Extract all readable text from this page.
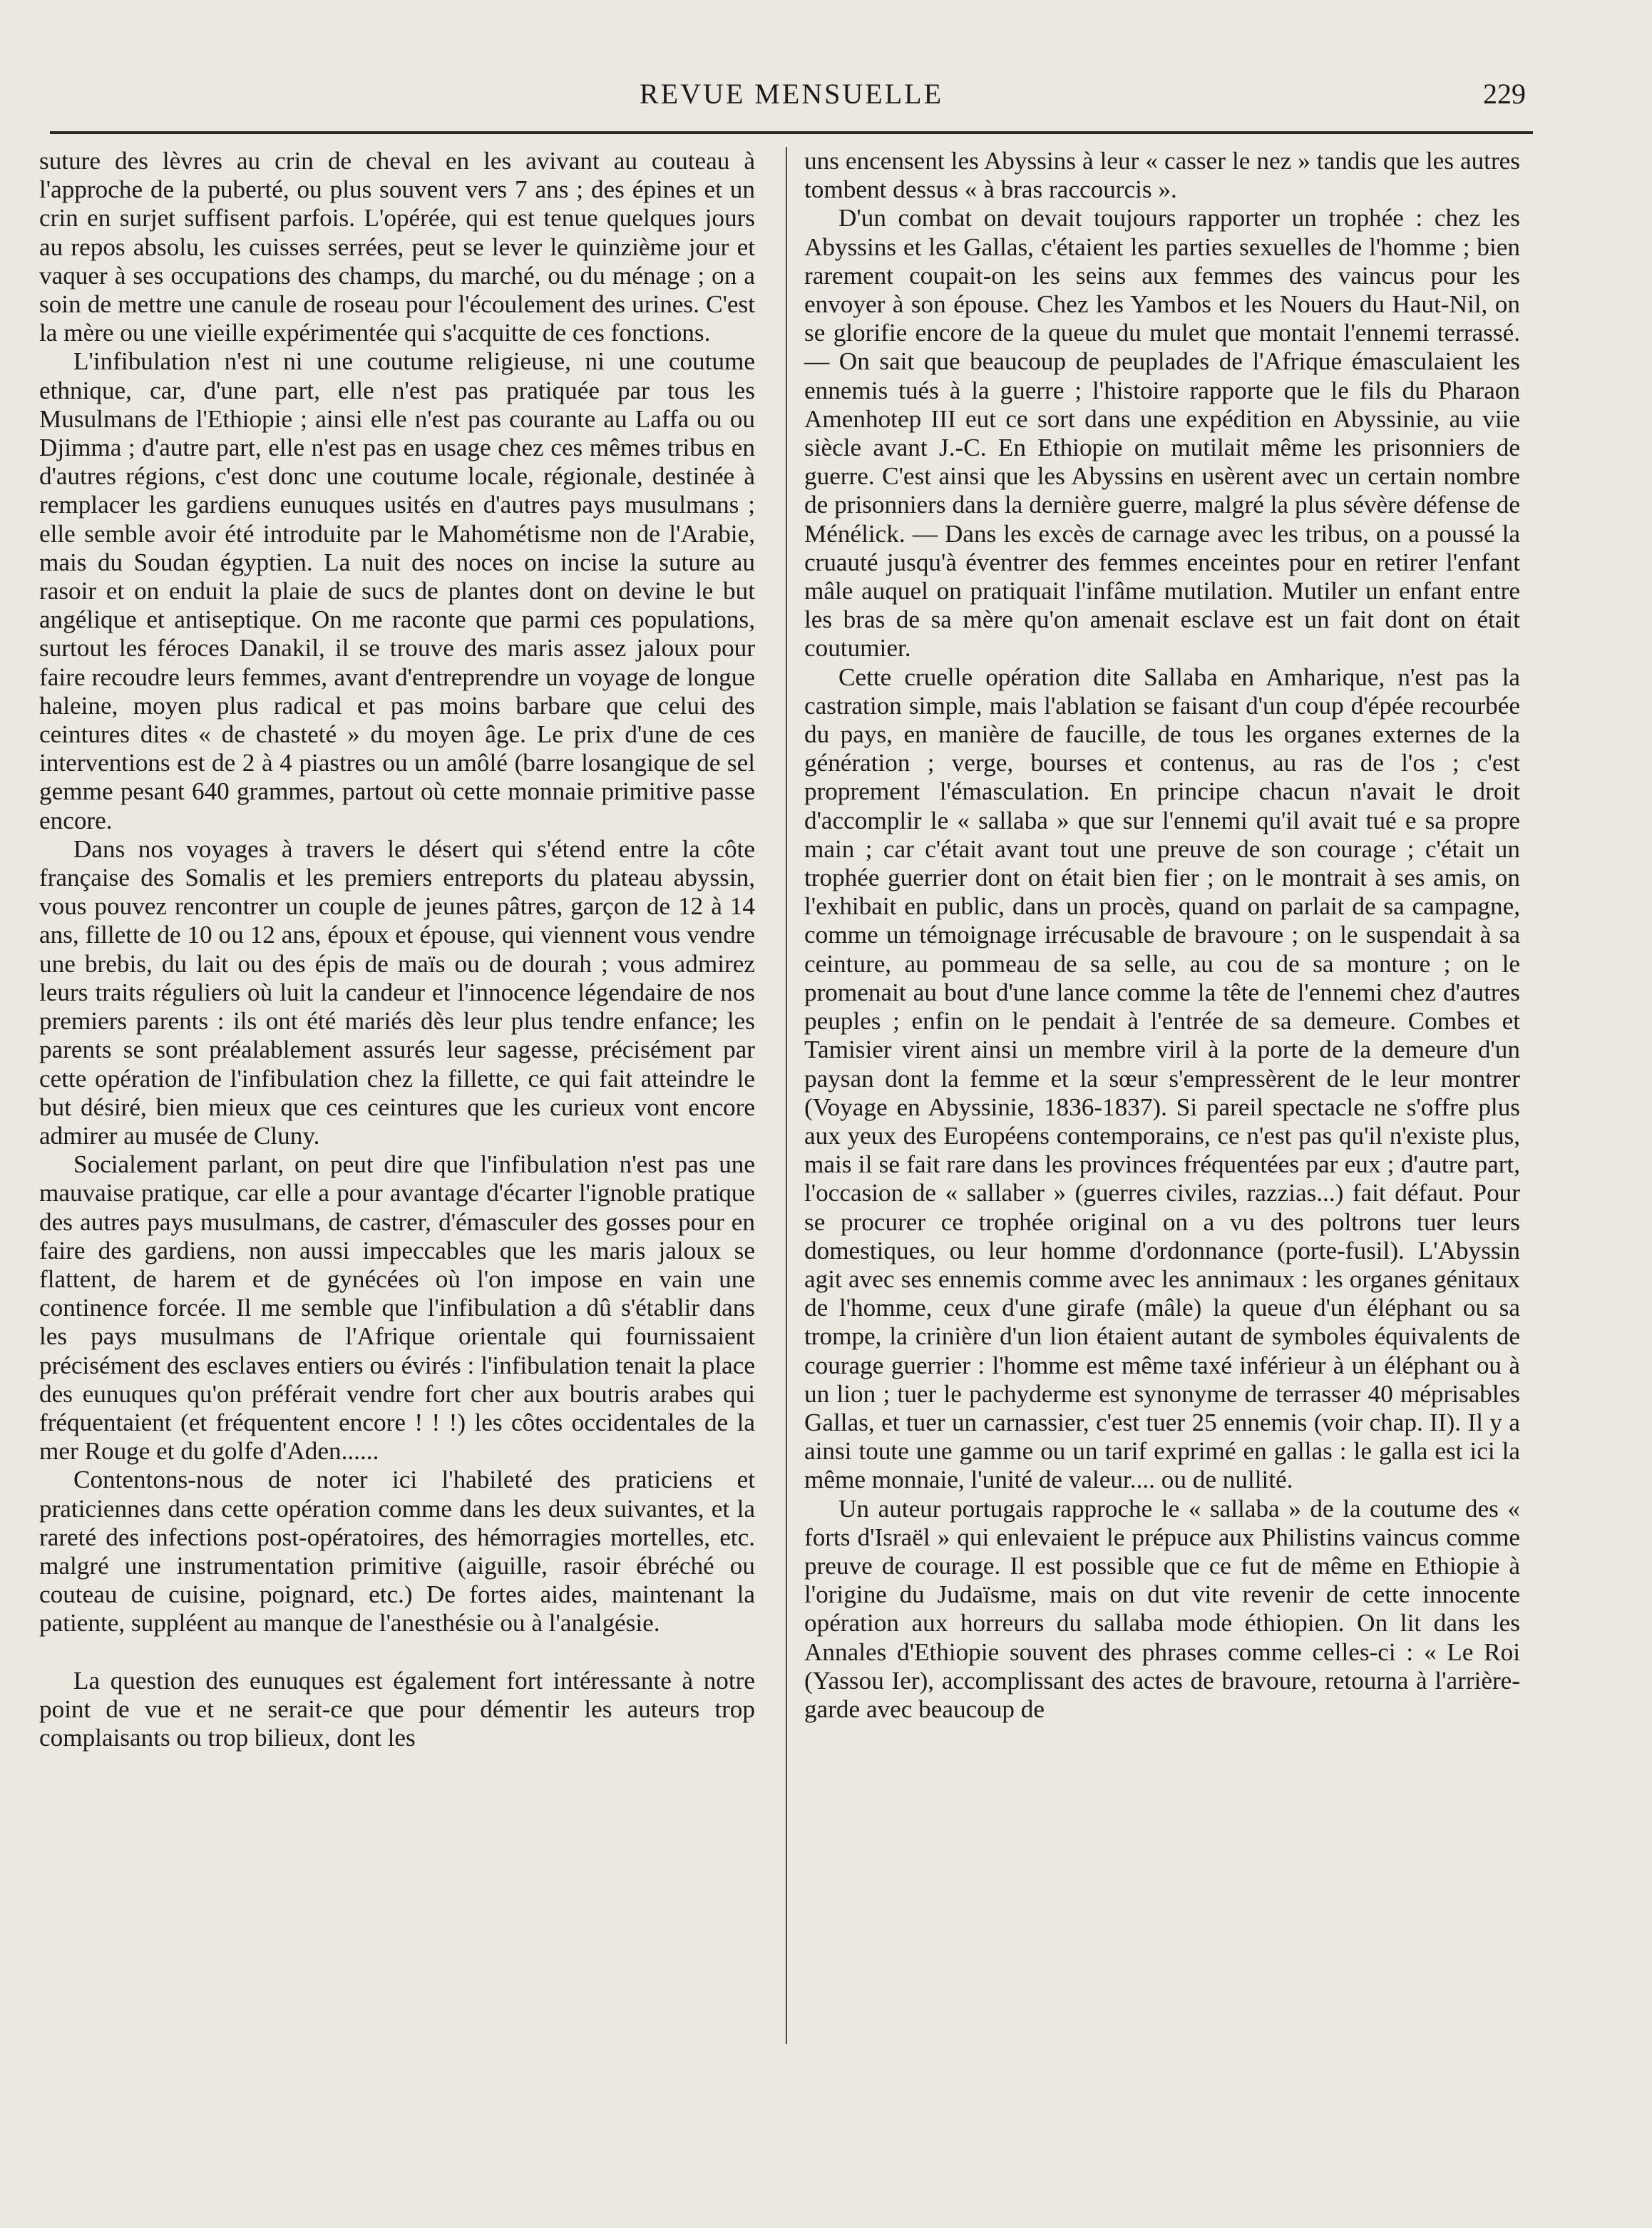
REVUE MENSUELLE	229

suture des lèvres au crin de cheval en les avivant au couteau à l'approche de la puberté, ou plus souvent vers 7 ans ; des épines et un crin en surjet suffisent parfois. L'opérée, qui est tenue quelques jours au repos absolu, les cuisses serrées, peut se lever le quinzième jour et vaquer à ses occupations des champs, du marché, ou du ménage ; on a soin de mettre une canule de roseau pour l'écoulement des urines. C'est la mère ou une vieille expérimentée qui s'acquitte de ces fonctions.

L'infibulation n'est ni une coutume religieuse, ni une coutume ethnique, car, d'une part, elle n'est pas pratiquée par tous les Musulmans de l'Ethiopie ; ainsi elle n'est pas courante au Laffa ou ou Djimma ; d'autre part, elle n'est pas en usage chez ces mêmes tribus en d'autres régions, c'est donc une coutume locale, régionale, destinée à remplacer les gardiens eunuques usités en d'autres pays musulmans ; elle semble avoir été introduite par le Mahométisme non de l'Arabie, mais du Soudan égyptien. La nuit des noces on incise la suture au rasoir et on enduit la plaie de sucs de plantes dont on devine le but angélique et antiseptique. On me raconte que parmi ces populations, surtout les féroces Danakil, il se trouve des maris assez jaloux pour faire recoudre leurs femmes, avant d'entreprendre un voyage de longue haleine, moyen plus radical et pas moins barbare que celui des ceintures dites « de chasteté » du moyen âge. Le prix d'une de ces interventions est de 2 à 4 piastres ou un amôlé (barre losangique de sel gemme pesant 640 grammes, partout où cette monnaie primitive passe encore.

Dans nos voyages à travers le désert qui s'étend entre la côte française des Somalis et les premiers entreports du plateau abyssin, vous pouvez rencontrer un couple de jeunes pâtres, garçon de 12 à 14 ans, fillette de 10 ou 12 ans, époux et épouse, qui viennent vous vendre une brebis, du lait ou des épis de maïs ou de dourah ; vous admirez leurs traits réguliers où luit la candeur et l'innocence légendaire de nos premiers parents : ils ont été mariés dès leur plus tendre enfance; les parents se sont préalablement assurés leur sagesse, précisément par cette opération de l'infibulation chez la fillette, ce qui fait atteindre le but désiré, bien mieux que ces ceintures que les curieux vont encore admirer au musée de Cluny.

Socialement parlant, on peut dire que l'infibulation n'est pas une mauvaise pratique, car elle a pour avantage d'écarter l'ignoble pratique des autres pays musulmans, de castrer, d'émasculer des gosses pour en faire des gardiens, non aussi impeccables que les maris jaloux se flattent, de harem et de gynécées où l'on impose en vain une continence forcée. Il me semble que l'infibulation a dû s'établir dans les pays musulmans de l'Afrique orientale qui fournissaient précisément des esclaves entiers ou évirés : l'infibulation tenait la place des eunuques qu'on préférait vendre fort cher aux boutris arabes qui fréquentaient (et fréquentent encore ! ! !) les côtes occidentales de la mer Rouge et du golfe d'Aden......

Contentons-nous de noter ici l'habileté des praticiens et praticiennes dans cette opération comme dans les deux suivantes, et la rareté des infections post-opératoires, des hémorragies mortelles, etc. malgré une instrumentation primitive (aiguille, rasoir ébréché ou couteau de cuisine, poignard, etc.) De fortes aides, maintenant la patiente, suppléent au manque de l'anesthésie ou à l'analgésie.

La question des eunuques est également fort intéressante à notre point de vue et ne serait-ce que pour démentir les auteurs trop complaisants ou trop bilieux, dont les

uns encensent les Abyssins à leur « casser le nez » tandis que les autres tombent dessus « à bras raccourcis ».

D'un combat on devait toujours rapporter un trophée : chez les Abyssins et les Gallas, c'étaient les parties sexuelles de l'homme ; bien rarement coupait-on les seins aux femmes des vaincus pour les envoyer à son épouse. Chez les Yambos et les Nouers du Haut-Nil, on se glorifie encore de la queue du mulet que montait l'ennemi terrassé. — On sait que beaucoup de peuplades de l'Afrique émasculaient les ennemis tués à la guerre ; l'histoire rapporte que le fils du Pharaon Amenhotep III eut ce sort dans une expédition en Abyssinie, au viie siècle avant J.-C. En Ethiopie on mutilait même les prisonniers de guerre. C'est ainsi que les Abyssins en usèrent avec un certain nombre de prisonniers dans la dernière guerre, malgré la plus sévère défense de Ménélick. — Dans les excès de carnage avec les tribus, on a poussé la cruauté jusqu'à éventrer des femmes enceintes pour en retirer l'enfant mâle auquel on pratiquait l'infâme mutilation. Mutiler un enfant entre les bras de sa mère qu'on amenait esclave est un fait dont on était coutumier.

Cette cruelle opération dite Sallaba en Amharique, n'est pas la castration simple, mais l'ablation se faisant d'un coup d'épée recourbée du pays, en manière de faucille, de tous les organes externes de la génération ; verge, bourses et contenus, au ras de l'os ; c'est proprement l'émasculation. En principe chacun n'avait le droit d'accomplir le « sallaba » que sur l'ennemi qu'il avait tué e sa propre main ; car c'était avant tout une preuve de son courage ; c'était un trophée guerrier dont on était bien fier ; on le montrait à ses amis, on l'exhibait en public, dans un procès, quand on parlait de sa campagne, comme un témoignage irrécusable de bravoure ; on le suspendait à sa ceinture, au pommeau de sa selle, au cou de sa monture ; on le promenait au bout d'une lance comme la tête de l'ennemi chez d'autres peuples ; enfin on le pendait à l'entrée de sa demeure. Combes et Tamisier virent ainsi un membre viril à la porte de la demeure d'un paysan dont la femme et la sœur s'empressèrent de le leur montrer (Voyage en Abyssinie, 1836-1837). Si pareil spectacle ne s'offre plus aux yeux des Européens contemporains, ce n'est pas qu'il n'existe plus, mais il se fait rare dans les provinces fréquentées par eux ; d'autre part, l'occasion de « sallaber » (guerres civiles, razzias...) fait défaut. Pour se procurer ce trophée original on a vu des poltrons tuer leurs domestiques, ou leur homme d'ordonnance (porte-fusil). L'Abyssin agit avec ses ennemis comme avec les annimaux : les organes génitaux de l'homme, ceux d'une girafe (mâle) la queue d'un éléphant ou sa trompe, la crinière d'un lion étaient autant de symboles équivalents de courage guerrier : l'homme est même taxé inférieur à un éléphant ou à un lion ; tuer le pachyderme est synonyme de terrasser 40 méprisables Gallas, et tuer un carnassier, c'est tuer 25 ennemis (voir chap. II). Il y a ainsi toute une gamme ou un tarif exprimé en gallas : le galla est ici la même monnaie, l'unité de valeur.... ou de nullité.

Un auteur portugais rapproche le « sallaba » de la coutume des « forts d'Israël » qui enlevaient le prépuce aux Philistins vaincus comme preuve de courage. Il est possible que ce fut de même en Ethiopie à l'origine du Judaïsme, mais on dut vite revenir de cette innocente opération aux horreurs du sallaba mode éthiopien. On lit dans les Annales d'Ethiopie souvent des phrases comme celles-ci : « Le Roi (Yassou Ier), accomplissant des actes de bravoure, retourna à l'arrière-garde avec beaucoup de
